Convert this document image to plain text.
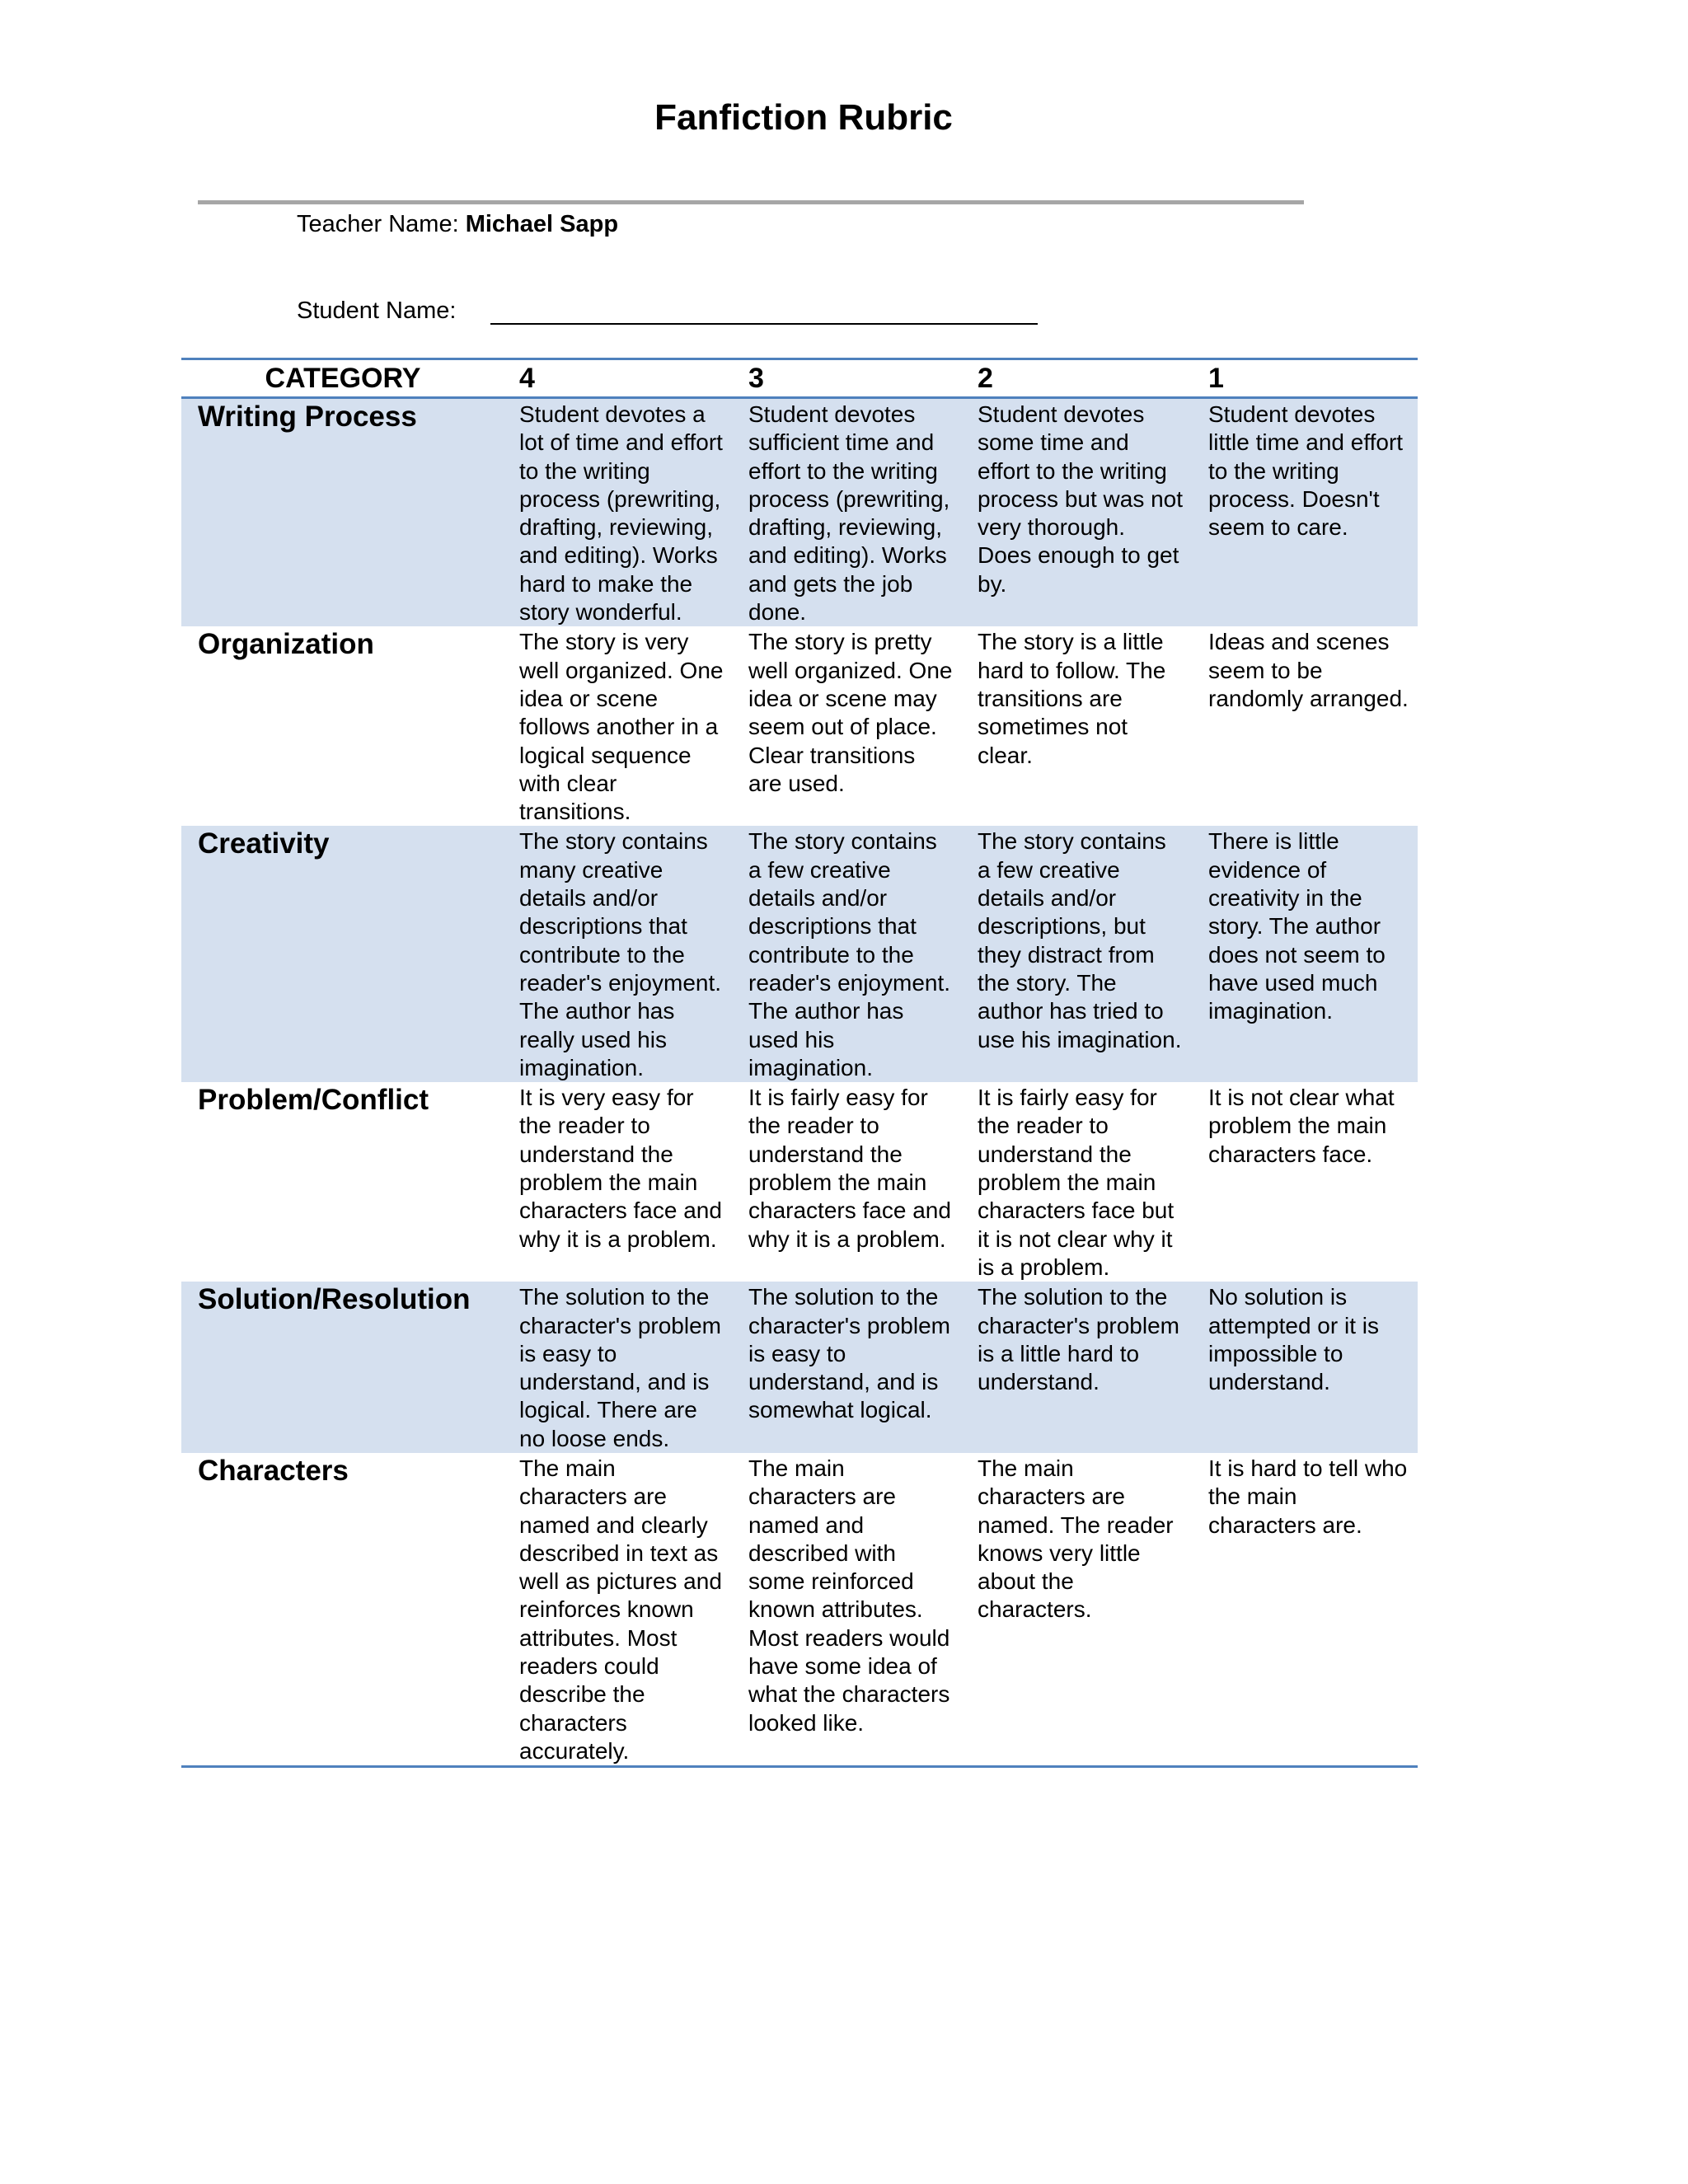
Fanfiction Rubric
Teacher Name: Michael Sapp
Student Name:
CATEGORY	4	3	2	1
Writing Process	Student devotes a lot of time and effort to the writing process (prewriting, drafting, reviewing, and editing). Works hard to make the story wonderful.	Student devotes sufficient time and effort to the writing process (prewriting, drafting, reviewing, and editing). Works and gets the job done.	Student devotes some time and effort to the writing process but was not very thorough. Does enough to get by.	Student devotes little time and effort to the writing process. Doesn't seem to care.
Organization	The story is very well organized. One idea or scene follows another in a logical sequence with clear transitions.	The story is pretty well organized. One idea or scene may seem out of place. Clear transitions are used.	The story is a little hard to follow. The transitions are sometimes not clear.	Ideas and scenes seem to be randomly arranged.
Creativity	The story contains many creative details and/or descriptions that contribute to the reader's enjoyment. The author has really used his imagination.	The story contains a few creative details and/or descriptions that contribute to the reader's enjoyment. The author has used his imagination.	The story contains a few creative details and/or descriptions, but they distract from the story. The author has tried to use his imagination.	There is little evidence of creativity in the story. The author does not seem to have used much imagination.
Problem/Conflict	It is very easy for the reader to understand the problem the main characters face and why it is a problem.	It is fairly easy for the reader to understand the problem the main characters face and why it is a problem.	It is fairly easy for the reader to understand the problem the main characters face but it is not clear why it is a problem.	It is not clear what problem the main characters face.
Solution/Resolution	The solution to the character's problem is easy to understand, and is logical. There are no loose ends.	The solution to the character's problem is easy to understand, and is somewhat logical.	The solution to the character's problem is a little hard to understand.	No solution is attempted or it is impossible to understand.
Characters	The main characters are named and clearly described in text as well as pictures and reinforces known attributes. Most readers could describe the characters accurately.	The main characters are named and described with some reinforced known attributes. Most readers would have some idea of what the characters looked like.	The main characters are named. The reader knows very little about the characters.	It is hard to tell who the main characters are.
